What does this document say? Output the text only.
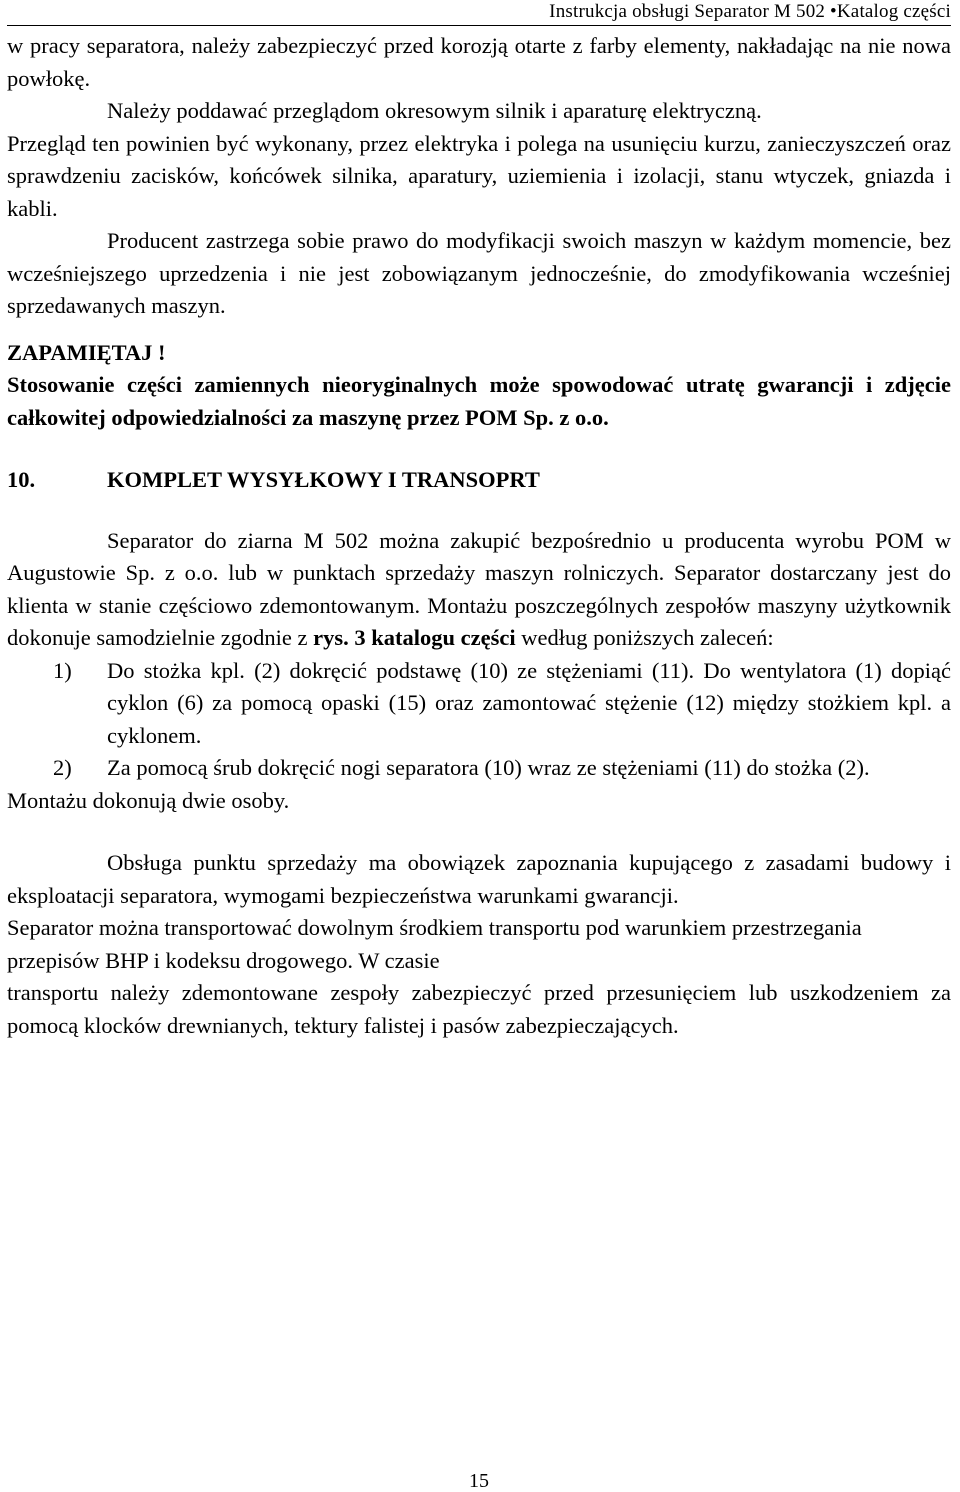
Instrukcja obsługi Separator M 502 •Katalog części

w pracy separatora, należy zabezpieczyć przed korozją otarte z farby elementy, nakładając na nie nowa powłokę.

Należy poddawać przeglądom okresowym silnik i aparaturę elektryczną.

Przegląd ten powinien być wykonany, przez elektryka i polega na usunięciu kurzu, zanieczyszczeń oraz sprawdzeniu zacisków, końcówek silnika, aparatury, uziemienia i izolacji, stanu wtyczek, gniazda i kabli.

Producent zastrzega sobie prawo do modyfikacji swoich maszyn w każdym momencie, bez wcześniejszego uprzedzenia i nie jest zobowiązanym jednocześnie, do zmodyfikowania wcześniej sprzedawanych maszyn.

ZAPAMIĘTAJ !

Stosowanie części zamiennych nieoryginalnych może spowodować utratę gwarancji i zdjęcie całkowitej odpowiedzialności za maszynę przez POM Sp. z o.o.

10.	KOMPLET WYSYŁKOWY I TRANSOPRT

Separator do ziarna M 502 można zakupić bezpośrednio u producenta wyrobu POM w Augustowie Sp. z o.o. lub w punktach sprzedaży maszyn rolniczych. Separator dostarczany jest do klienta w stanie częściowo zdemontowanym. Montażu poszczególnych zespołów maszyny użytkownik dokonuje samodzielnie zgodnie z rys. 3 katalogu części według poniższych zaleceń:

1)	Do stożka kpl. (2) dokręcić podstawę (10) ze stężeniami (11). Do wentylatora (1) dopiąć cyklon (6) za pomocą opaski (15) oraz zamontować stężenie (12) między stożkiem kpl. a cyklonem.
2)	Za pomocą śrub dokręcić nogi separatora (10) wraz ze stężeniami (11) do stożka (2).

Montażu dokonują dwie osoby.

Obsługa punktu sprzedaży ma obowiązek zapoznania kupującego z zasadami budowy i eksploatacji separatora, wymogami bezpieczeństwa warunkami gwarancji.

Separator można transportować dowolnym środkiem transportu pod warunkiem przestrzegania przepisów BHP i kodeksu drogowego. W czasie

transportu należy zdemontowane zespoły zabezpieczyć przed przesunięciem lub uszkodzeniem za pomocą klocków drewnianych, tektury falistej i pasów zabezpieczających.

15
